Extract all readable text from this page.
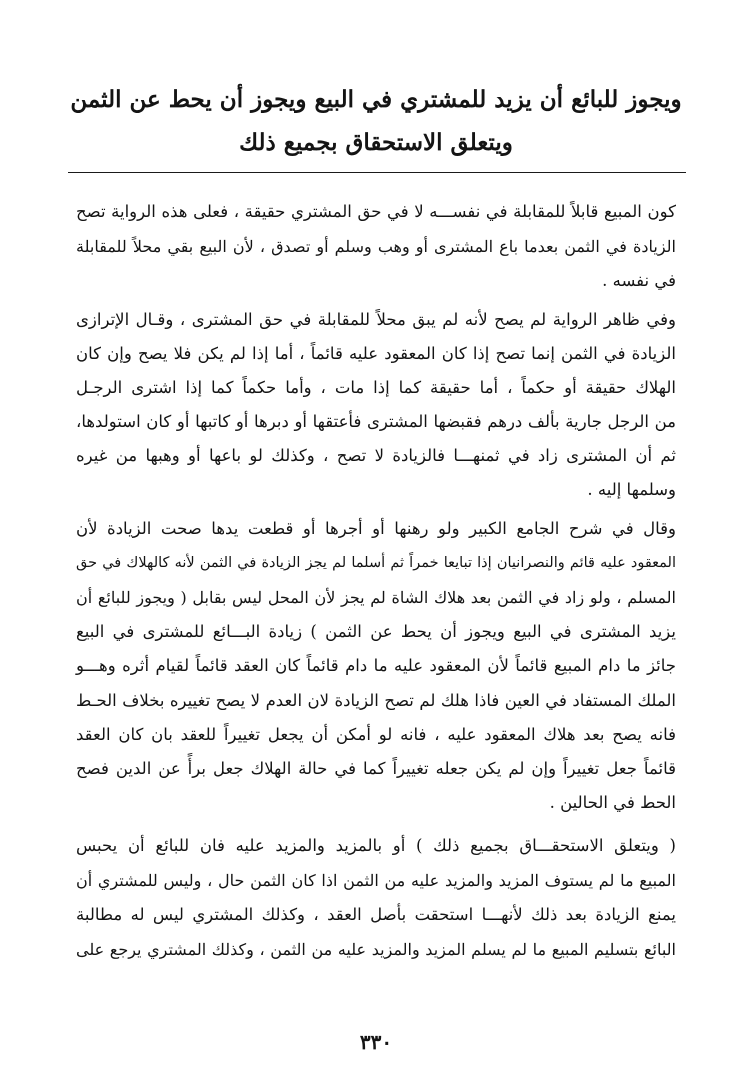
ويجوز للبائع أن يزيد للمشتري في البيع ويجوز أن يحط عن الثمن
ويتعلق الاستحقاق بجميع ذلك
كون المبيع قابلاً للمقابلة في نفســـه لا في حق المشتري حقيقة ، فعلى هذه الرواية تصح
الزيادة في الثمن بعدما باع المشترى أو وهب وسلم أو تصدق ، لأن البيع بقي محلاً للمقابلة
في نفسه .
وفي ظاهر الرواية لم يصح لأنه لم يبق محلاً للمقابلة في حق المشترى ، وقـال الإترازى
الزيادة في الثمن إنما تصح إذا كان المعقود عليه قائماً ، أما إذا لم يكن فلا يصح وإن كان
الهلاك حقيقة أو حكماً ، أما حقيقة كما إذا مات ، وأما حكماً كما إذا اشترى الرجـل
من الرجل جارية بألف درهم فقبضها المشترى فأعتقها أو دبرها أو كاتبها أو كان استولدها،
ثم أن المشترى زاد في ثمنهـــا فالزيادة لا تصح ، وكذلك لو باعها أو وهبها من غيره
وسلمها إليه .
وقال في شرح الجامع الكبير ولو رهنها أو أجرها أو قطعت يدها صحت الزيادة لأن
المعقود عليه قائم والنصرانيان إذا تبايعا خمراً ثم أسلما لم يجز الزيادة في الثمن لأنه كالهلاك في حق
المسلم ، ولو زاد في الثمن بعد هلاك الشاة لم يجز لأن المحل ليس بقابل ( ويجوز للبائع أن
يزيد المشترى في البيع ويجوز أن يحط عن الثمن ) زيادة البـــائع للمشترى في البيع
جائز ما دام المبيع قائماً لأن المعقود عليه ما دام قائماً كان العقد قائماً لقيام أثره وهـــو
الملك المستفاد في العين فاذا هلك لم تصح الزيادة لان العدم لا يصح تغييره بخلاف الحـط
فانه يصح بعد هلاك المعقود عليه ، فانه لو أمكن أن يجعل تغييراً للعقد بان كان العقد
قائماً جعل تغييراً وإن لم يكن جعله تغييراً كما في حالة الهلاك جعل برأً عن الدين فصح
الحط في الحالين .
( ويتعلق الاستحقـــاق بجميع ذلك ) أو بالمزيد والمزيد عليه فان للبائع أن يحبس
المبيع ما لم يستوف المزيد والمزيد عليه من الثمن اذا كان الثمن حال ، وليس للمشتري أن
يمنع الزيادة بعد ذلك لأنهـــا استحقت بأصل العقد ، وكذلك المشتري ليس له مطالبة
البائع بتسليم المبيع ما لم يسلم المزيد والمزيد عليه من الثمن ، وكذلك المشتري يرجع على
٣٣٠
